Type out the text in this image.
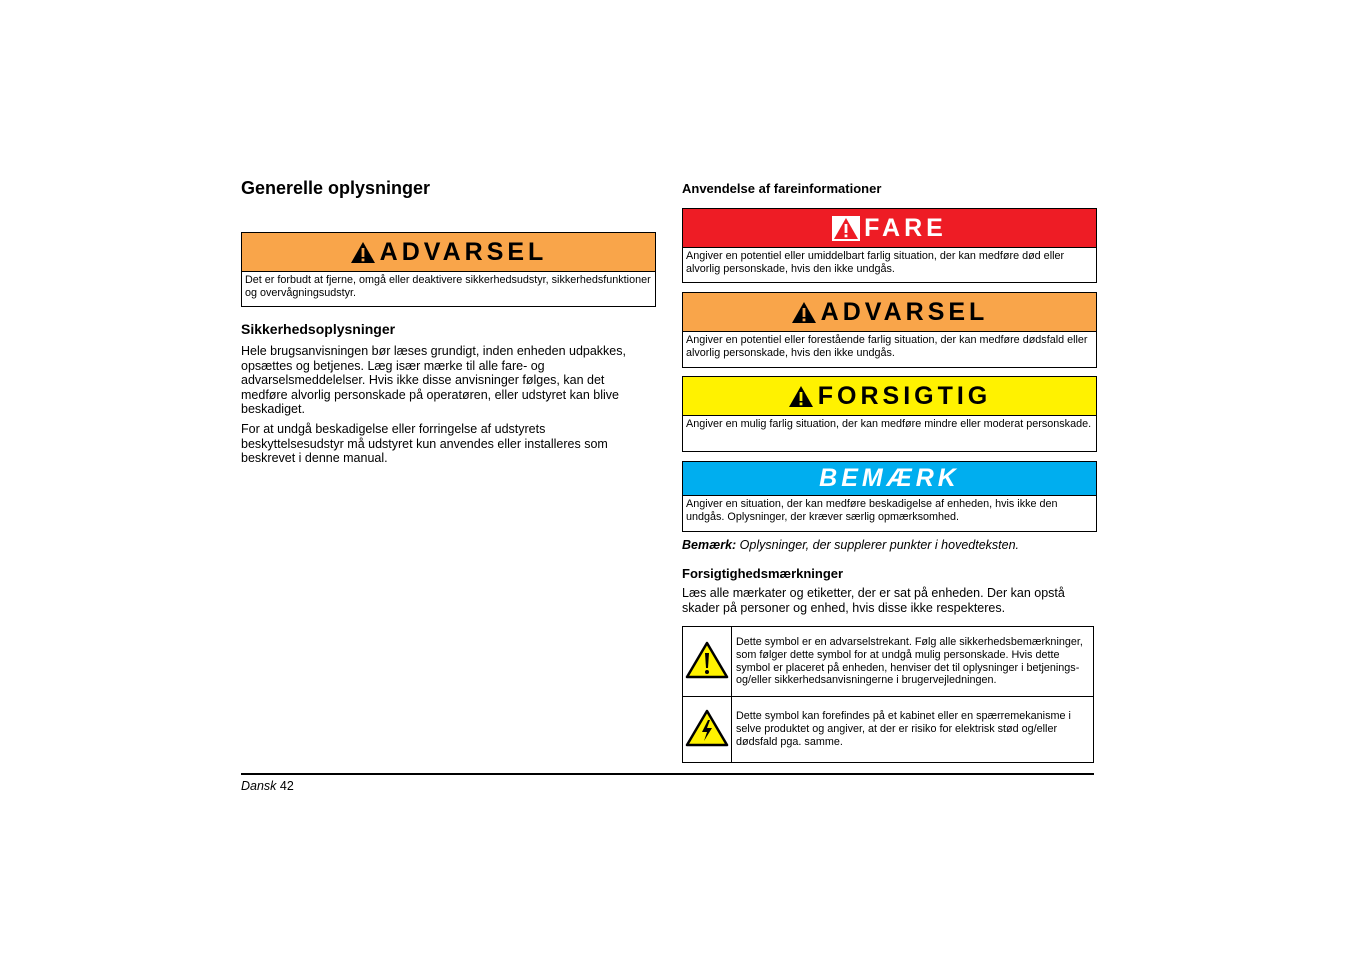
Generelle oplysninger
ADVARSEL
Det er forbudt at fjerne, omgå eller deaktivere sikkerhedsudstyr, sikkerhedsfunktioner og overvågningsudstyr.
Sikkerhedsoplysninger

Hele brugsanvisningen bør læses grundigt, inden enheden udpakkes, opsættes og betjenes. Læg især mærke til alle fare- og advarselsmeddelelser. Hvis ikke disse anvisninger følges, kan det medføre alvorlig personskade på operatøren, eller udstyret kan blive beskadiget.

For at undgå beskadigelse eller forringelse af udstyrets beskyttelsesudstyr må udstyret kun anvendes eller installeres som beskrevet i denne manual.

Anvendelse af fareinformationer
FARE
Angiver en potentiel eller umiddelbart farlig situation, der kan medføre død eller alvorlig personskade, hvis den ikke undgås.
ADVARSEL
Angiver en potentiel eller forestående farlig situation, der kan medføre dødsfald eller alvorlig personskade, hvis den ikke undgås.
FORSIGTIG
Angiver en mulig farlig situation, der kan medføre mindre eller moderat personskade.
BEMÆRK
Angiver en situation, der kan medføre beskadigelse af enheden, hvis ikke den undgås. Oplysninger, der kræver særlig opmærksomhed.

Bemærk: Oplysninger, der supplerer punkter i hovedteksten.

Forsigtighedsmærkninger

Læs alle mærkater og etiketter, der er sat på enheden. Der kan opstå skader på personer og enhed, hvis disse ikke respekteres.

	Dette symbol er en advarselstrekant. Følg alle sikkerhedsbemærkninger, som følger dette symbol for at undgå mulig personskade. Hvis dette symbol er placeret på enheden, henviser det til oplysninger i betjenings- og/eller sikkerhedsanvisningerne i brugervejledningen.
	Dette symbol kan forefindes på et kabinet eller en spærremekanisme i selve produktet og angiver, at der er risiko for elektrisk stød og/eller dødsfald pga. samme.
Dansk 42
